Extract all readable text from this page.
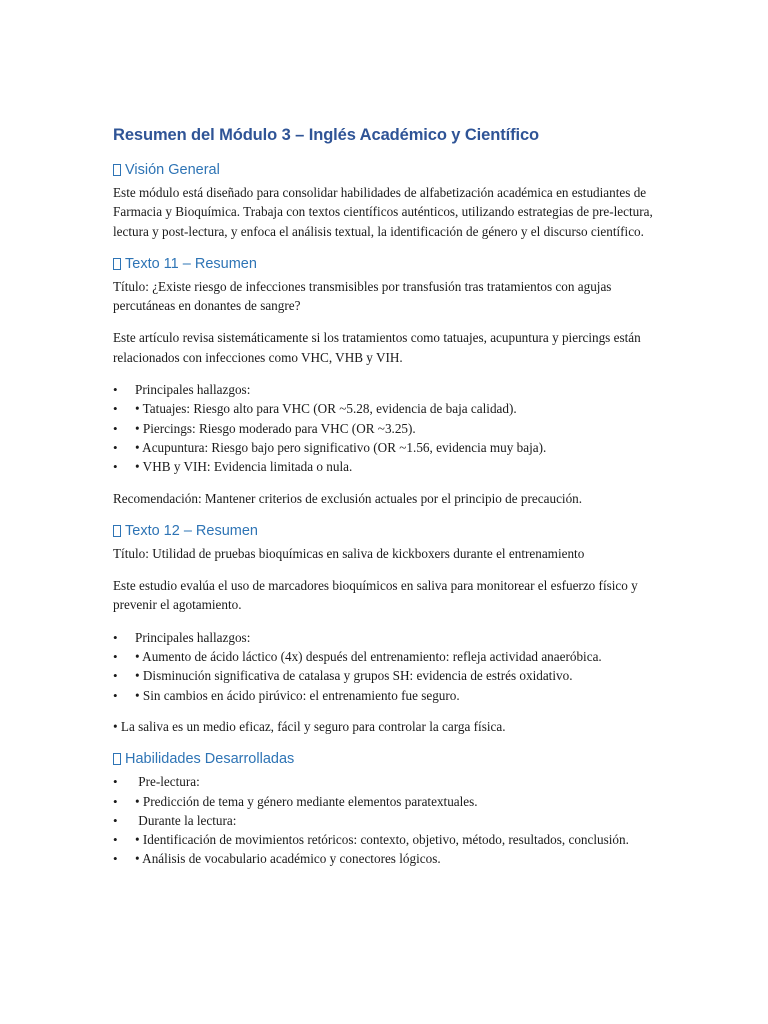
Resumen del Módulo 3 – Inglés Académico y Científico
Visión General

Este módulo está diseñado para consolidar habilidades de alfabetización académica en estudiantes de Farmacia y Bioquímica. Trabaja con textos científicos auténticos, utilizando estrategias de pre-lectura, lectura y post-lectura, y enfoca el análisis textual, la identificación de género y el discurso científico.

Texto 11 – Resumen

Título: ¿Existe riesgo de infecciones transmisibles por transfusión tras tratamientos con agujas percutáneas en donantes de sangre?

Este artículo revisa sistemáticamente si los tratamientos como tatuajes, acupuntura y piercings están relacionados con infecciones como VHC, VHB y VIH.

• Principales hallazgos:
• • Tatuajes: Riesgo alto para VHC (OR ~5.28, evidencia de baja calidad).
• • Piercings: Riesgo moderado para VHC (OR ~3.25).
• • Acupuntura: Riesgo bajo pero significativo (OR ~1.56, evidencia muy baja).
• • VHB y VIH: Evidencia limitada o nula.

Recomendación: Mantener criterios de exclusión actuales por el principio de precaución.

Texto 12 – Resumen

Título: Utilidad de pruebas bioquímicas en saliva de kickboxers durante el entrenamiento

Este estudio evalúa el uso de marcadores bioquímicos en saliva para monitorear el esfuerzo físico y prevenir el agotamiento.

• Principales hallazgos:
• • Aumento de ácido láctico (4x) después del entrenamiento: refleja actividad anaeróbica.
• • Disminución significativa de catalasa y grupos SH: evidencia de estrés oxidativo.
• • Sin cambios en ácido pirúvico: el entrenamiento fue seguro.

• La saliva es un medio eficaz, fácil y seguro para controlar la carga física.

Habilidades Desarrolladas
• Pre-lectura:
• • Predicción de tema y género mediante elementos paratextuales.
• Durante la lectura:
• • Identificación de movimientos retóricos: contexto, objetivo, método, resultados, conclusión.
• • Análisis de vocabulario académico y conectores lógicos.
